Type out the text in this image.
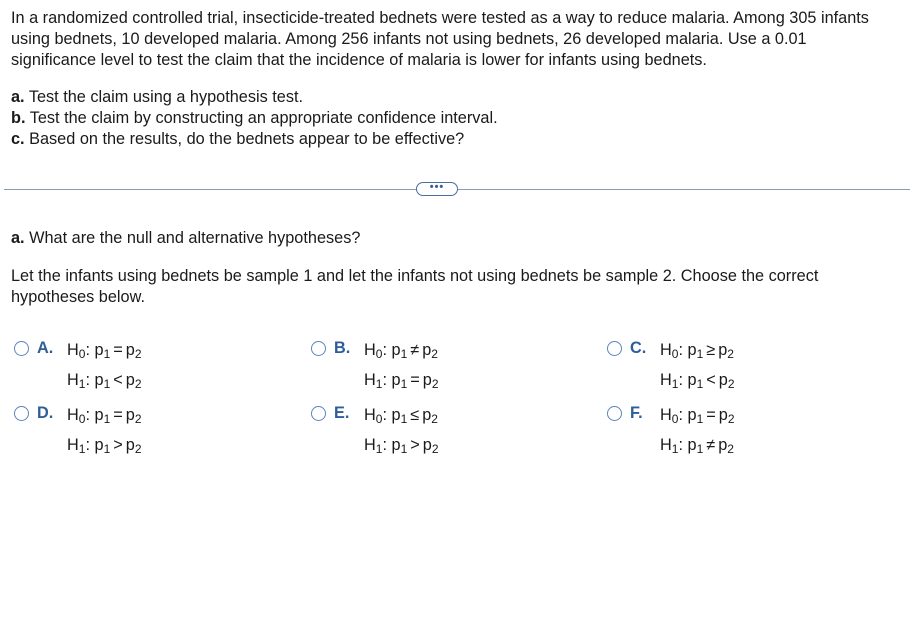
In a randomized controlled trial, insecticide-treated bednets were tested as a way to reduce malaria. Among 305 infants using bednets, 10 developed malaria. Among 256 infants not using bednets, 26 developed malaria. Use a 0.01 significance level to test the claim that the incidence of malaria is lower for infants using bednets.

a. Test the claim using a hypothesis test.
b. Test the claim by constructing an appropriate confidence interval.
c. Based on the results, do the bednets appear to be effective?
•••
a. What are the null and alternative hypotheses?
Let the infants using bednets be sample 1 and let the infants not using bednets be sample 2. Choose the correct hypotheses below.
A. $H_0$: $p_1 = p_2$
$H_1$: $p_1 < p_2$
B. $H_0$: $p_1 \ne p_2$
$H_1$: $p_1 = p_2$
C. $H_0$: $p_1 \ge p_2$
$H_1$: $p_1 < p_2$
D. $H_0$: $p_1 = p_2$
$H_1$: $p_1 > p_2$
E. $H_0$: $p_1 \le p_2$
$H_1$: $p_1 > p_2$
F. $H_0$: $p_1 = p_2$
$H_1$: $p_1 \ne p_2$
